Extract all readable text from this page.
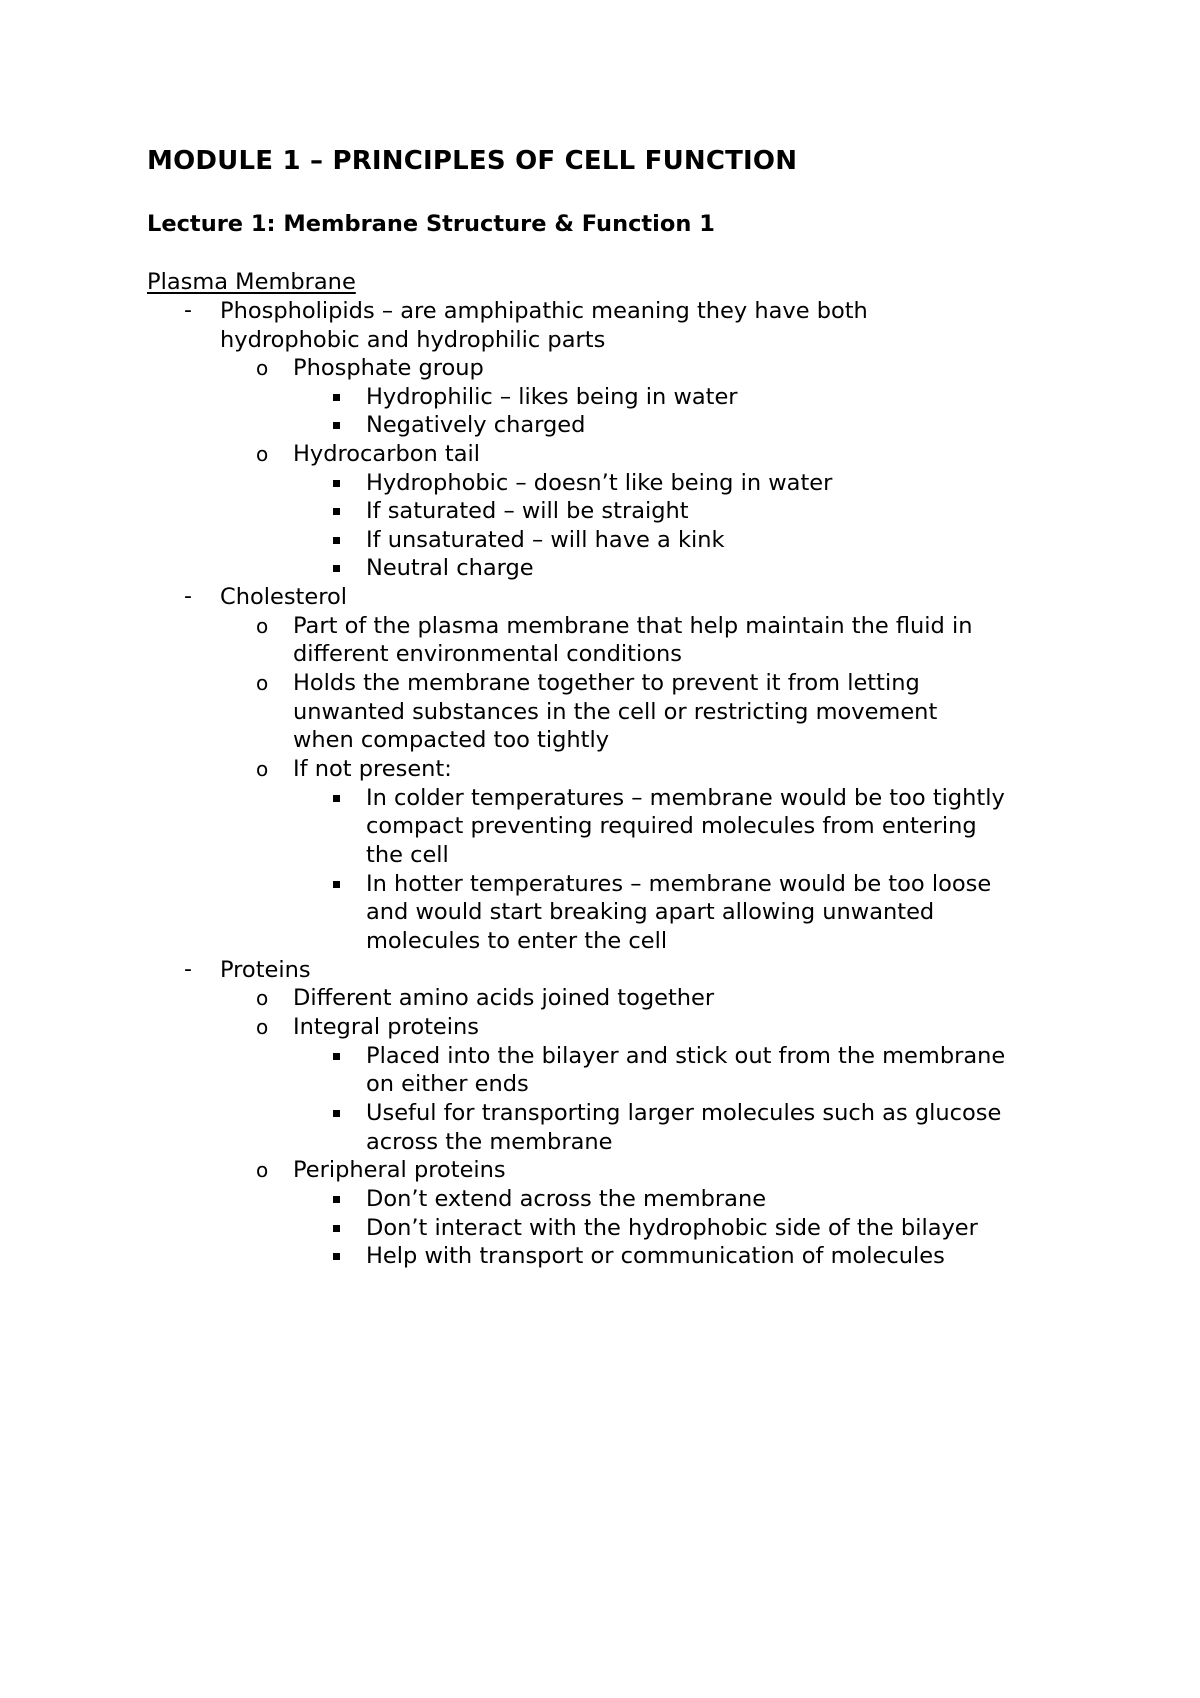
MODULE 1 – PRINCIPLES OF CELL FUNCTION
Lecture 1: Membrane Structure & Function 1
Plasma Membrane
- Phospholipids – are amphipathic meaning they have both
hydrophobic and hydrophilic parts
o Phosphate group
Hydrophilic – likes being in water
Negatively charged
o Hydrocarbon tail
Hydrophobic – doesn’t like being in water
If saturated – will be straight
If unsaturated – will have a kink
Neutral charge
- Cholesterol
o Part of the plasma membrane that help maintain the fluid in
different environmental conditions
o Holds the membrane together to prevent it from letting
unwanted substances in the cell or restricting movement
when compacted too tightly
o If not present:
In colder temperatures – membrane would be too tightly
compact preventing required molecules from entering
the cell
In hotter temperatures – membrane would be too loose
and would start breaking apart allowing unwanted
molecules to enter the cell
- Proteins
o Different amino acids joined together
o Integral proteins
Placed into the bilayer and stick out from the membrane
on either ends
Useful for transporting larger molecules such as glucose
across the membrane
o Peripheral proteins
Don’t extend across the membrane
Don’t interact with the hydrophobic side of the bilayer
Help with transport or communication of molecules
